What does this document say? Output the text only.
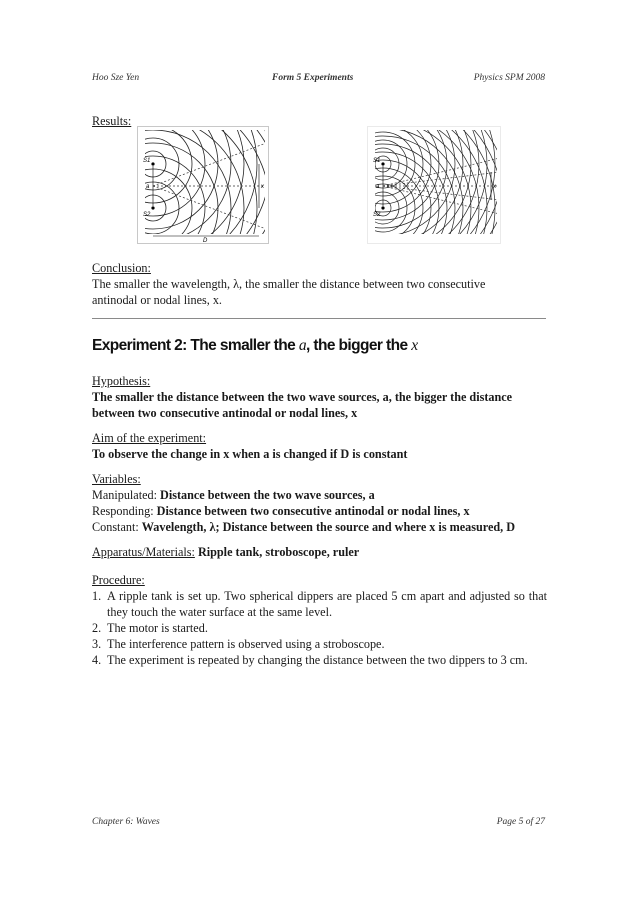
Hoo Sze Yen	Form 5 Experiments	Physics SPM 2008
Results:
S1
a
S2
x
D
S1
a
S2
x
Conclusion:
The smaller the wavelength, λ, the smaller the distance between two consecutive
antinodal or nodal lines, x.
Experiment 2: The smaller the a, the bigger the x
Hypothesis:
The smaller the distance between the two wave sources, a, the bigger the distance
between two consecutive antinodal or nodal lines, x
Aim of the experiment:
To observe the change in x when a is changed if D is constant
Variables:
Manipulated: Distance between the two wave sources, a
Responding: Distance between two consecutive antinodal or nodal lines, x
Constant: Wavelength, λ; Distance between the source and where x is measured, D
Apparatus/Materials: Ripple tank, stroboscope, ruler
Procedure:
1. A ripple tank is set up. Two spherical dippers are placed 5 cm apart and adjusted so that they touch the water surface at the same level.
2. The motor is started.
3. The interference pattern is observed using a stroboscope.
4. The experiment is repeated by changing the distance between the two dippers to 3 cm.
Chapter 6: Waves	Page 5 of 27
